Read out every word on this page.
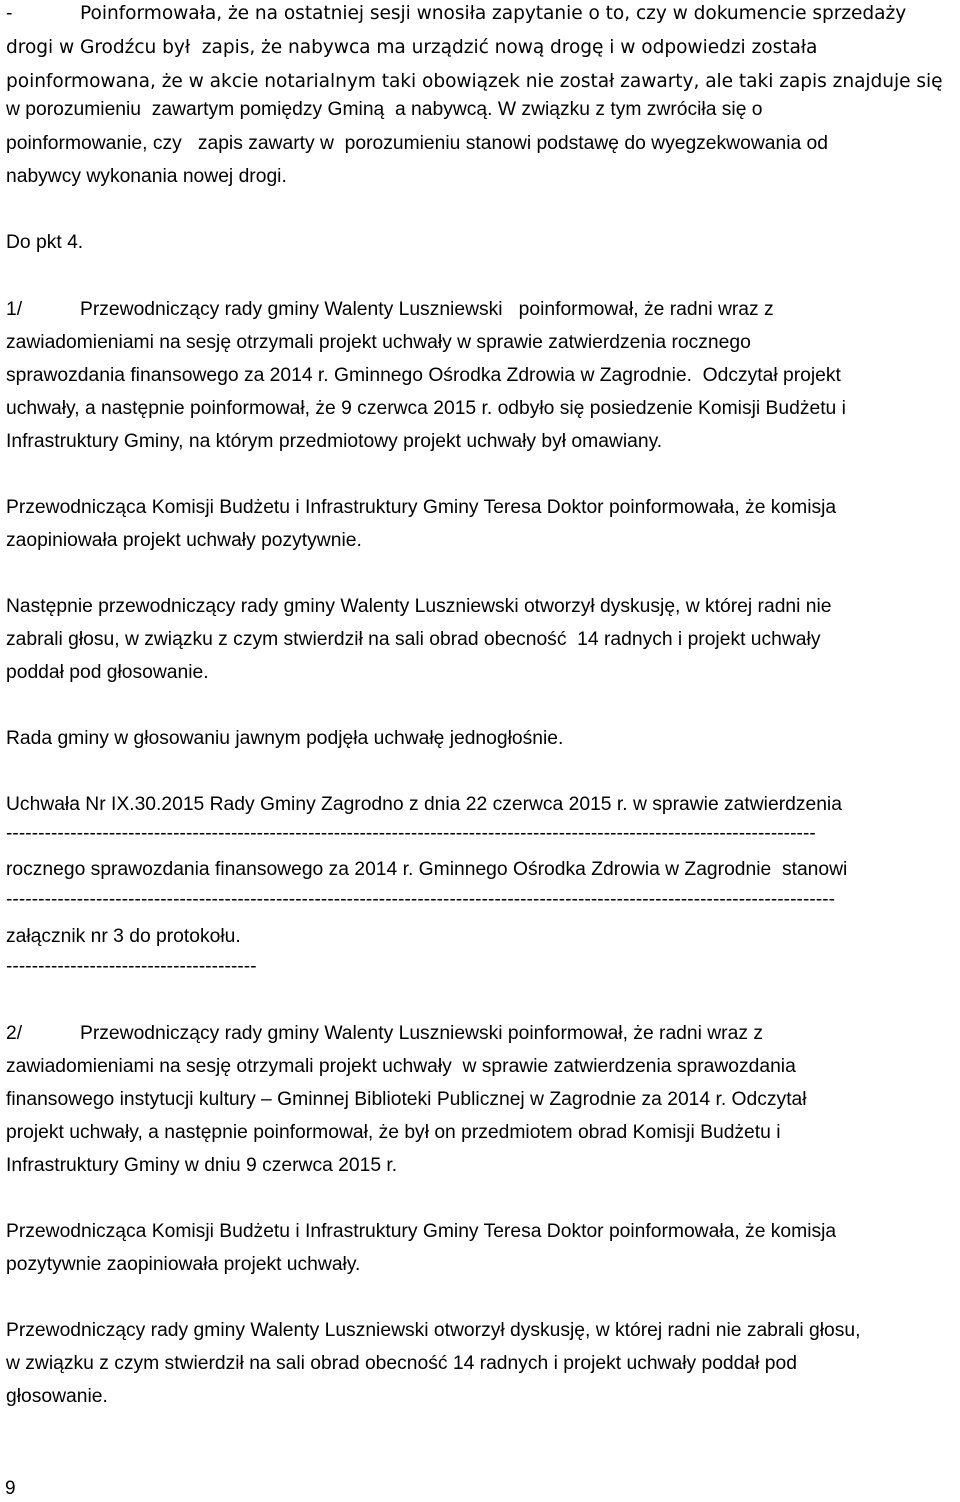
-	Poinformowała, że na ostatniej sesji wnosiła zapytanie o to, czy w dokumencie sprzedaży
drogi w Grodźcu był  zapis, że nabywca ma urządzić nową drogę i w odpowiedzi została
poinformowana, że w akcie notarialnym taki obowiązek nie został zawarty, ale taki zapis znajduje się
w porozumieniu  zawartym pomiędzy Gminą  a nabywcą. W związku z tym zwróciła się o
poinformowanie, czy   zapis zawarty w  porozumieniu stanowi podstawę do wyegzekwowania od
nabywcy wykonania nowej drogi.
Do pkt 4.
1/	Przewodniczący rady gminy Walenty Luszniewski   poinformował, że radni wraz z
zawiadomieniami na sesję otrzymali projekt uchwały w sprawie zatwierdzenia rocznego
sprawozdania finansowego za 2014 r. Gminnego Ośrodka Zdrowia w Zagrodnie.  Odczytał projekt
uchwały, a następnie poinformował, że 9 czerwca 2015 r. odbyło się posiedzenie Komisji Budżetu i
Infrastruktury Gminy, na którym przedmiotowy projekt uchwały był omawiany.
Przewodnicząca Komisji Budżetu i Infrastruktury Gminy Teresa Doktor poinformowała, że komisja
zaopiniowała projekt uchwały pozytywnie.
Następnie przewodniczący rady gminy Walenty Luszniewski otworzył dyskusję, w której radni nie
zabrali głosu, w związku z czym stwierdził na sali obrad obecność  14 radnych i projekt uchwały
poddał pod głosowanie.
Rada gminy w głosowaniu jawnym podjęła uchwałę jednogłośnie.
Uchwała Nr IX.30.2015 Rady Gminy Zagrodno z dnia 22 czerwca 2015 r. w sprawie zatwierdzenia
------------------------------------------------------------------------------------------------------------------------------
rocznego sprawozdania finansowego za 2014 r. Gminnego Ośrodka Zdrowia w Zagrodnie  stanowi
---------------------------------------------------------------------------------------------------------------------------------
załącznik nr 3 do protokołu.
---------------------------------------
2/	Przewodniczący rady gminy Walenty Luszniewski poinformował, że radni wraz z
zawiadomieniami na sesję otrzymali projekt uchwały  w sprawie zatwierdzenia sprawozdania
finansowego instytucji kultury – Gminnej Biblioteki Publicznej w Zagrodnie za 2014 r. Odczytał
projekt uchwały, a następnie poinformował, że był on przedmiotem obrad Komisji Budżetu i
Infrastruktury Gminy w dniu 9 czerwca 2015 r.
Przewodnicząca Komisji Budżetu i Infrastruktury Gminy Teresa Doktor poinformowała, że komisja
pozytywnie zaopiniowała projekt uchwały.
Przewodniczący rady gminy Walenty Luszniewski otworzył dyskusję, w której radni nie zabrali głosu,
w związku z czym stwierdził na sali obrad obecność 14 radnych i projekt uchwały poddał pod
głosowanie.
9
